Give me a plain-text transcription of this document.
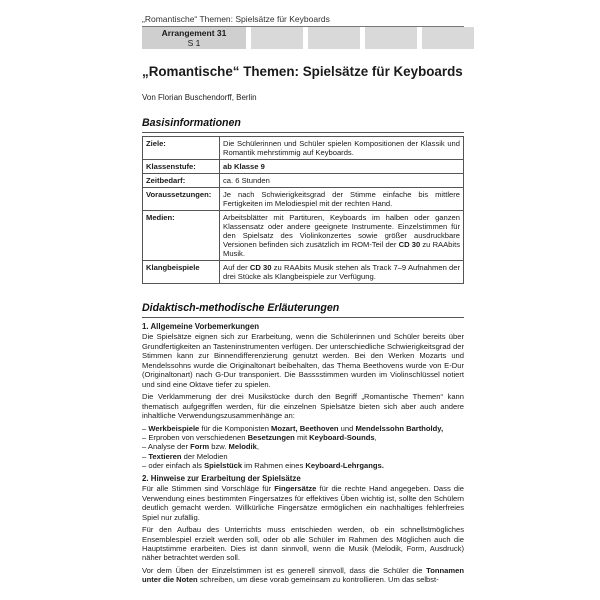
„Romantische“ Themen: Spielsätze für Keyboards
Arrangement 31
S 1
„Romantische“ Themen: Spielsätze für Keyboards
Von Florian Buschendorff, Berlin
Basisinformationen
Ziele:	Die Schülerinnen und Schüler spielen Kompositionen der Klassik und Romantik mehrstimmig auf Keyboards.
Klassenstufe:	ab Klasse 9
Zeitbedarf:	ca. 6 Stunden
Voraussetzungen:	Je nach Schwierigkeitsgrad der Stimme einfache bis mittlere Fertigkeiten im Melodiespiel mit der rechten Hand.
Medien:	Arbeitsblätter mit Partituren, Keyboards im halben oder ganzen Klassensatz oder andere geeignete Instrumente. Einzelstimmen für den Spielsatz des Violinkonzertes sowie größer ausdruckbare Versionen befinden sich zusätzlich im ROM-Teil der CD 30 zu RAAbits Musik.
Klangbeispiele	Auf der CD 30 zu RAAbits Musik stehen als Track 7–9 Aufnahmen der drei Stücke als Klangbeispiele zur Verfügung.
Didaktisch-methodische Erläuterungen
1. Allgemeine Vorbemerkungen

Die Spielsätze eignen sich zur Erarbeitung, wenn die Schülerinnen und Schüler bereits über Grundfertigkeiten an Tasteninstrumenten verfügen. Der unterschiedliche Schwierigkeitsgrad der Stimmen kann zur Binnendifferenzierung genutzt werden. Bei den Werken Mozarts und Mendelssohns wurde die Originaltonart beibehalten, das Thema Beethovens wurde von E-Dur (Originaltonart) nach G-Dur transponiert. Die Basssstimmen wurden im Violinschlüssel notiert und sind eine Oktave tiefer zu spielen.

Die Verklammerung der drei Musikstücke durch den Begriff „Romantische Themen“ kann thematisch aufgegriffen werden, für die einzelnen Spielsätze bieten sich aber auch andere inhaltliche Verwendungszusammenhänge an:

– Werkbeispiele für die Komponisten Mozart, Beethoven und Mendelssohn Bartholdy,
– Erproben von verschiedenen Besetzungen mit Keyboard-Sounds,
– Analyse der Form bzw. Melodik,
– Textieren der Melodien
– oder einfach als Spielstück im Rahmen eines Keyboard-Lehrgangs.
2. Hinweise zur Erarbeitung der Spielsätze

Für alle Stimmen sind Vorschläge für Fingersätze für die rechte Hand angegeben. Dass die Verwendung eines bestimmten Fingersatzes für effektives Üben wichtig ist, sollte den Schülern deutlich gemacht werden. Willkürliche Fingersätze ermöglichen ein nachhaltiges fehlerfreies Spiel nur zufällig.

Für den Aufbau des Unterrichts muss entschieden werden, ob ein schnellstmögliches Ensemblespiel erzielt werden soll, oder ob alle Schüler im Rahmen des Möglichen auch die Hauptstimme erarbeiten. Dies ist dann sinnvoll, wenn die Musik (Melodik, Form, Ausdruck) näher betrachtet werden soll.

Vor dem Üben der Einzelstimmen ist es generell sinnvoll, dass die Schüler die Tonnamen unter die Noten schreiben, um diese vorab gemeinsam zu kontrollieren. Um das selbst-
